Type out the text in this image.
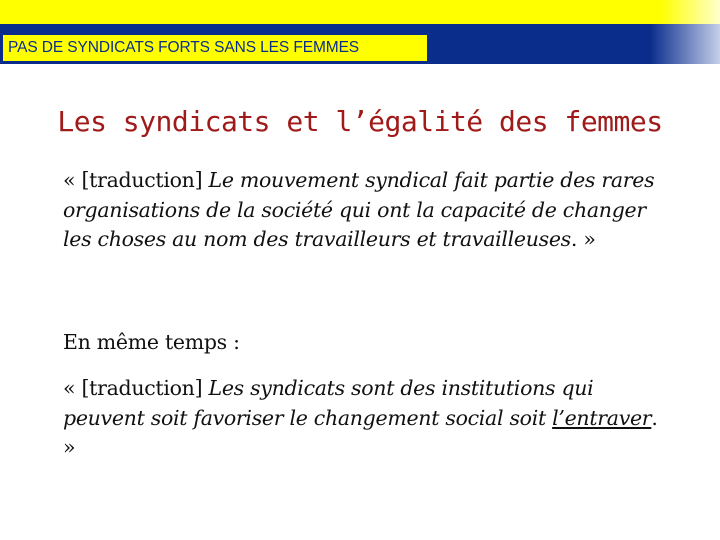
PAS DE SYNDICATS FORTS SANS LES FEMMES
Les syndicats et l’égalité des femmes
« [traduction] Le mouvement syndical fait partie des rares organisations de la société qui ont la capacité de changer les choses au nom des travailleurs et travailleuses. »
En même temps :
« [traduction] Les syndicats sont des institutions qui peuvent soit favoriser le changement social soit l’entraver. »
